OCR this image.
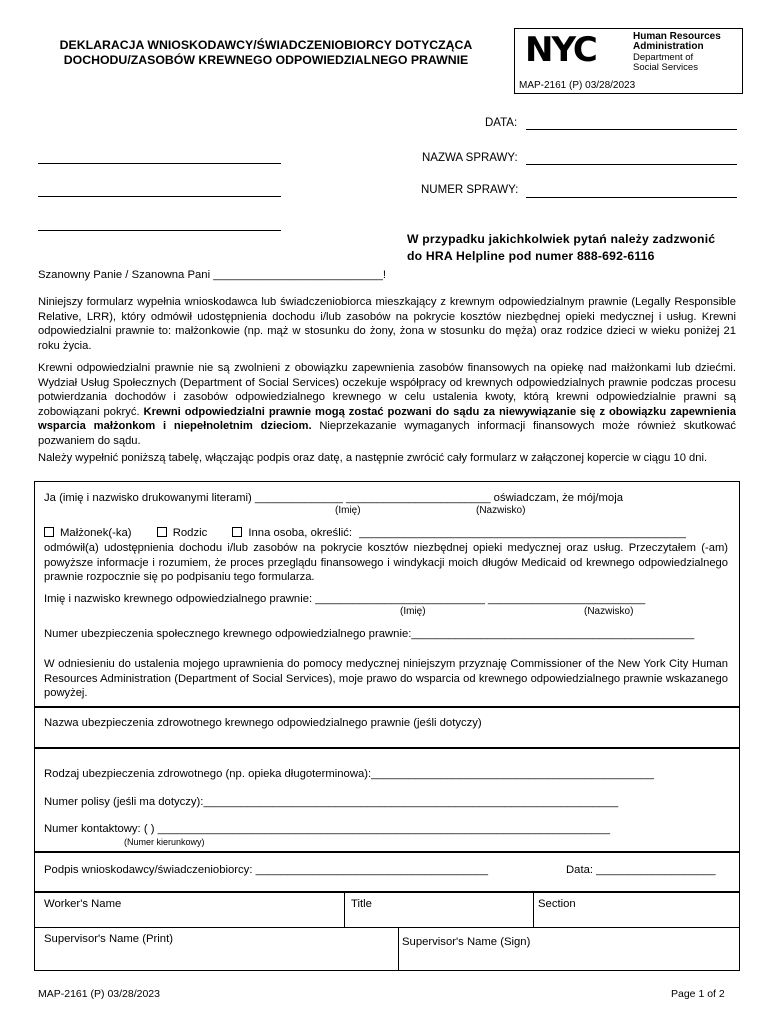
DEKLARACJA WNIOSKODAWCY/ŚWIADCZENIOBIORCY DOTYCZĄCA
DOCHODU/ZASOBÓW KREWNEGO ODPOWIEDZIALNEGO PRAWNIE	NYC	Human Resources
Administration
Department of
Social Services
MAP-2161 (P) 03/28/2023
DATA:
NAZWA SPRAWY:
NUMER SPRAWY:
W przypadku jakichkolwiek pytań należy zadzwonić
do HRA Helpline pod numer 888-692-6116
Szanowny Panie / Szanowna Pani ___________________________!
Niniejszy formularz wypełnia wnioskodawca lub świadczeniobiorca mieszkający z krewnym odpowiedzialnym prawnie (Legally Responsible Relative, LRR), który odmówił udostępnienia dochodu i/lub zasobów na pokrycie kosztów niezbędnej opieki medycznej i usług. Krewni odpowiedzialni prawnie to: małżonkowie (np. mąż w stosunku do żony, żona w stosunku do męża) oraz rodzice dzieci w wieku poniżej 21 roku życia.
Krewni odpowiedzialni prawnie nie są zwolnieni z obowiązku zapewnienia zasobów finansowych na opiekę nad małżonkami lub dziećmi. Wydział Usług Społecznych (Department of Social Services) oczekuje współpracy od krewnych odpowiedzialnych prawnie podczas procesu potwierdzania dochodów i zasobów odpowiedzialnego krewnego w celu ustalenia kwoty, którą krewni odpowiedzialnie prawni są zobowiązani pokryć. Krewni odpowiedzialni prawnie mogą zostać pozwani do sądu za niewywiązanie się z obowiązku zapewnienia wsparcia małżonkom i niepełnoletnim dzieciom. Nieprzekazanie wymaganych informacji finansowych może również skutkować pozwaniem do sądu.
Należy wypełnić poniższą tabelę, włączając podpis oraz datę, a następnie zwrócić cały formularz w załączonej kopercie w ciągu 10 dni.
Ja (imię i nazwisko drukowanymi literami) ______________ _______________________ oświadczam, że mój/moja
(Imię)	(Nazwisko)
Małżonek(-ka)	Rodzic	Inna osoba, określić: ____________________________________________________
odmówił(a) udostępnienia dochodu i/lub zasobów na pokrycie kosztów niezbędnej opieki medycznej oraz usług. Przeczytałem (-am) powyższe informacje i rozumiem, że proces przeglądu finansowego i windykacji moich długów Medicaid od krewnego odpowiedzialnego prawnie rozpocznie się po podpisaniu tego formularza.
Imię i nazwisko krewnego odpowiedzialnego prawnie: ___________________________ _________________________
(Imię)	(Nazwisko)
Numer ubezpieczenia społecznego krewnego odpowiedzialnego prawnie:_____________________________________________
W odniesieniu do ustalenia mojego uprawnienia do pomocy medycznej niniejszym przyznaję Commissioner of the New York City Human Resources Administration (Department of Social Services), moje prawo do wsparcia od krewnego odpowiedzialnego prawnie wskazanego powyżej.
Nazwa ubezpieczenia zdrowotnego krewnego odpowiedzialnego prawnie (jeśli dotyczy)
Rodzaj ubezpieczenia zdrowotnego (np. opieka długoterminowa):_____________________________________________
Numer polisy (jeśli ma dotyczy):__________________________________________________________________
Numer kontaktowy: ( ) ________________________________________________________________________
(Numer kierunkowy)
Podpis wnioskodawcy/świadczeniobiorcy: _____________________________________	Data: ___________________
Worker's Name	Title	Section
Supervisor's Name (Print)	Supervisor's Name (Sign)
MAP-2161 (P) 03/28/2023	Page 1 of 2
